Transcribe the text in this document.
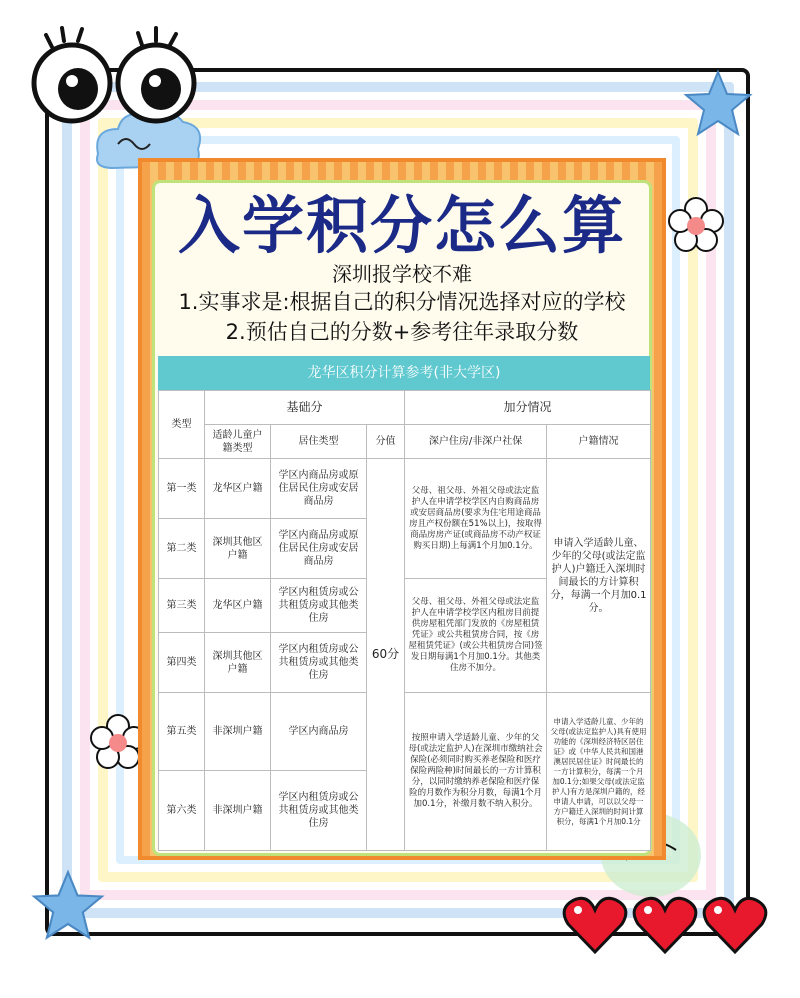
入学积分怎么算
深圳报学校不难
1.实事求是:根据自己的积分情况选择对应的学校
2.预估自己的分数+参考往年录取分数
龙华区积分计算参考(非大学区)
类型	基础分			加分情况	
	适龄儿童户籍类型	居住类型	分值	深户住房/非深户社保	户籍情况
第一类	龙华区户籍	学区内商品房或原住居民住房或安居商品房	60分	父母、祖父母、外祖父母或法定监护人在申请学校学区内自购商品房或安居商品房(要求为住宅用途商品房且产权份额在51%以上)，按取得商品房房产证(或商品房不动产权证购买日期)上每满1个月加0.1分。	申请入学适龄儿童、少年的父母(或法定监护人)户籍迁入深圳时间最长的方计算积分，每满一个月加0.1分。
第二类	深圳其他区户籍	学区内商品房或原住居民住房或安居商品房			
第三类	龙华区户籍	学区内租赁房或公共租赁房或其他类住房		父母、祖父母、外祖父母或法定监护人在申请学校学区内租房目前提供房屋租凭部门发放的《房屋租赁凭证》或公共租赁房合同，按《房屋租赁凭证》(或公共租赁房合同)签发日期每满1个月加0.1分。其他类住房不加分。	
第四类	深圳其他区户籍	学区内租赁房或公共租赁房或其他类住房			
第五类	非深圳户籍	学区内商品房		按照申请入学适龄儿童、少年的父母(或法定监护人)在深圳市缴纳社会保险(必须同时购买养老保险和医疗保险两险种)时间最长的一方计算积分，以同时缴纳养老保险和医疗保险的月数作为积分月数，每满1个月加0.1分，补缴月数不纳入积分。	申请入学适龄儿童、少年的父母(或法定监护人)具有使用功能的《深圳经济特区居住证》或《中华人民共和国港澳居民居住证》时间最长的一方计算积分，每满一个月加0.1分;如果父母(或法定监护人)有方是深圳户籍的，经申请人申请，可以以父母一方户籍迁入深圳的时间计算积分，每满1个月加0.1分
第六类	非深圳户籍	学区内租赁房或公共租赁房或其他类住房			
